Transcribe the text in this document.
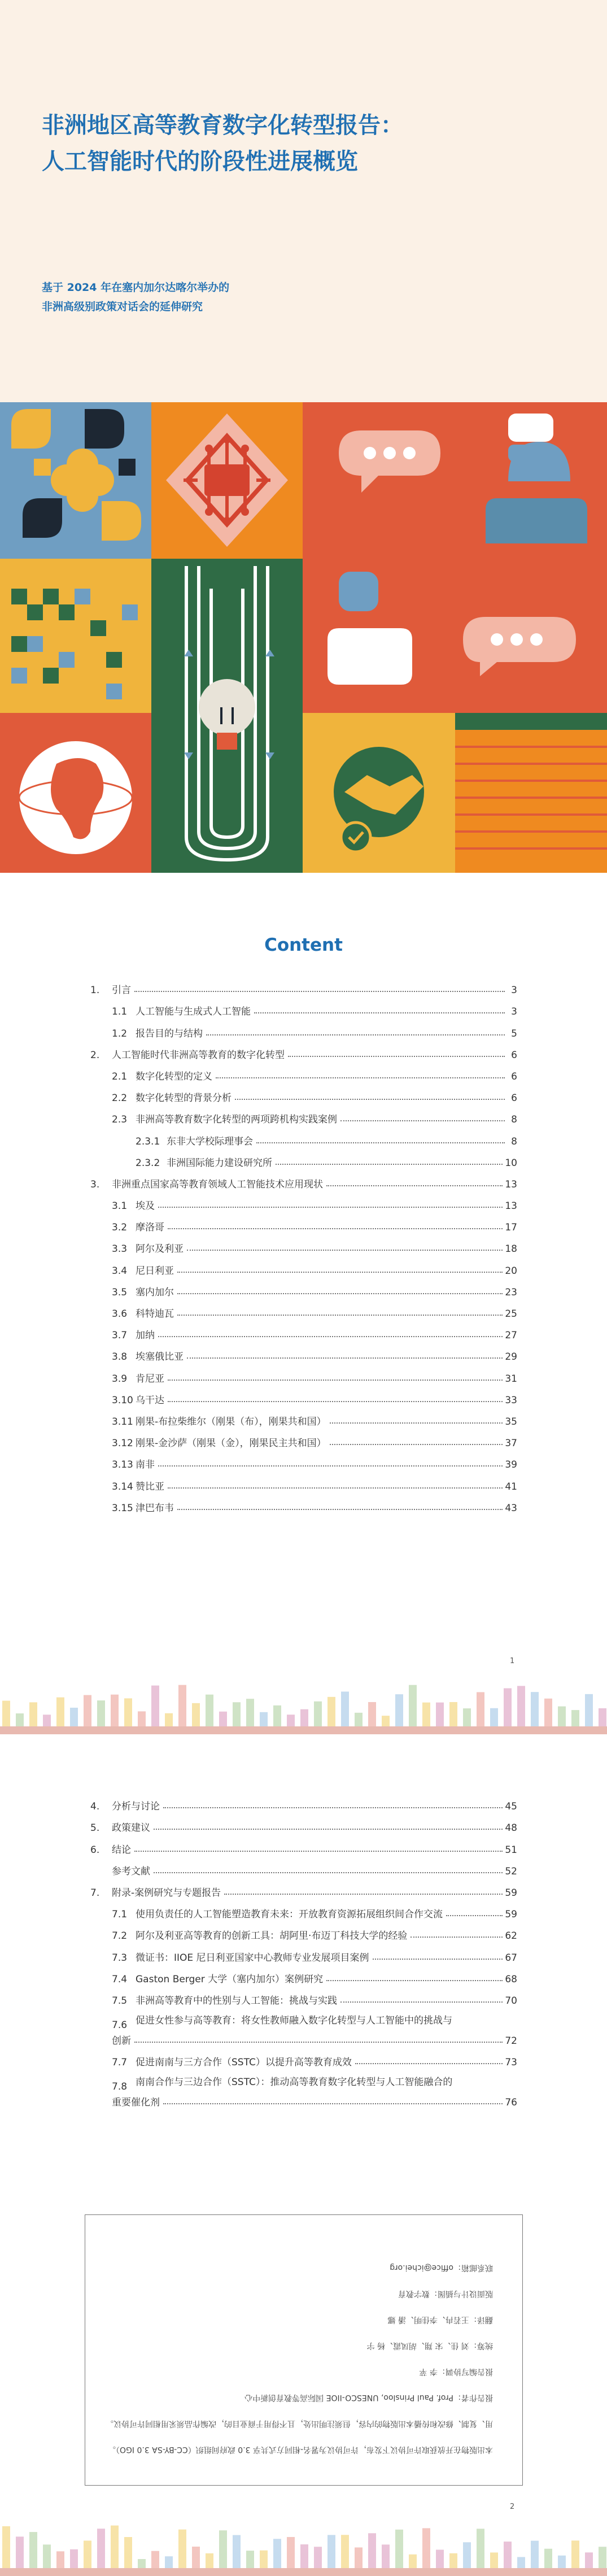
非洲地区高等教育数字化转型报告：
人工智能时代的阶段性进展概览
基于 2024 年在塞内加尔达喀尔举办的
非洲高级别政策对话会的延伸研究
Content
1.	引言	3
1.1 人工智能与生成式人工智能	3
1.2 报告目的与结构	5
2.	人工智能时代非洲高等教育的数字化转型	6
2.1 数字化转型的定义	6
2.2 数字化转型的背景分析	6
2.3 非洲高等教育数字化转型的两项跨机构实践案例	8
2.3.1 东非大学校际理事会	8
2.3.2 非洲国际能力建设研究所	10
3.	非洲重点国家高等教育领域人工智能技术应用现状	13
3.1 埃及	13
3.2 摩洛哥	17
3.3 阿尔及利亚	18
3.4 尼日利亚	20
3.5 塞内加尔	23
3.6 科特迪瓦	25
3.7 加纳	27
3.8 埃塞俄比亚	29
3.9 肯尼亚	31
3.10 乌干达	33
3.11 刚果-布拉柴维尔（刚果（布），刚果共和国）	35
3.12 刚果-金沙萨（刚果（金），刚果民主共和国）	37
3.13 南非	39
3.14 赞比亚	41
3.15 津巴布韦	43
1
4.	分析与讨论	45
5.	政策建议	48
6.	结论	51
参考文献	52
7.	附录-案例研究与专题报告	59
7.1 使用负责任的人工智能塑造教育未来：开放教育资源拓展组织间合作交流	59
7.2 阿尔及利亚高等教育的创新工具：胡阿里·布迈丁科技大学的经验	62
7.3 微证书：IIOE 尼日利亚国家中心教师专业发展项目案例	67
7.4 Gaston Berger 大学（塞内加尔）案例研究	68
7.5 非洲高等教育中的性别与人工智能：挑战与实践	70
7.6 促进女性参与高等教育：将女性教师融入数字化转型与人工智能中的挑战与
创新	72
7.7 促进南南与三方合作（SSTC）以提升高等教育成效	73
7.8 南南合作与三边合作（SSTC）：推动高等教育数字化转型与人工智能融合的
重要催化剂	76

本出版物在开放获取许可协议下发布，许可协议为署名-相同方式共享 3.0 政府间组织（CC-BY-SA 3.0 IGO）。

用、复制、修改和传播本出版物的内容，但须注明出处，且不得用于商业目的，改编作品须采用相同许可协议。

报告作者：Prof. Paul Prinsloo, UNESCO-IIOE 国际高等教育创新中心

报告编写协调：李 苹

统筹：刘 佳、宋 翔、胡凤霞、杨 宇

翻译：王若冉、李佳明、潘 娜

版面设计与插图：数字教育

联系邮箱：office@ichei.org

2
